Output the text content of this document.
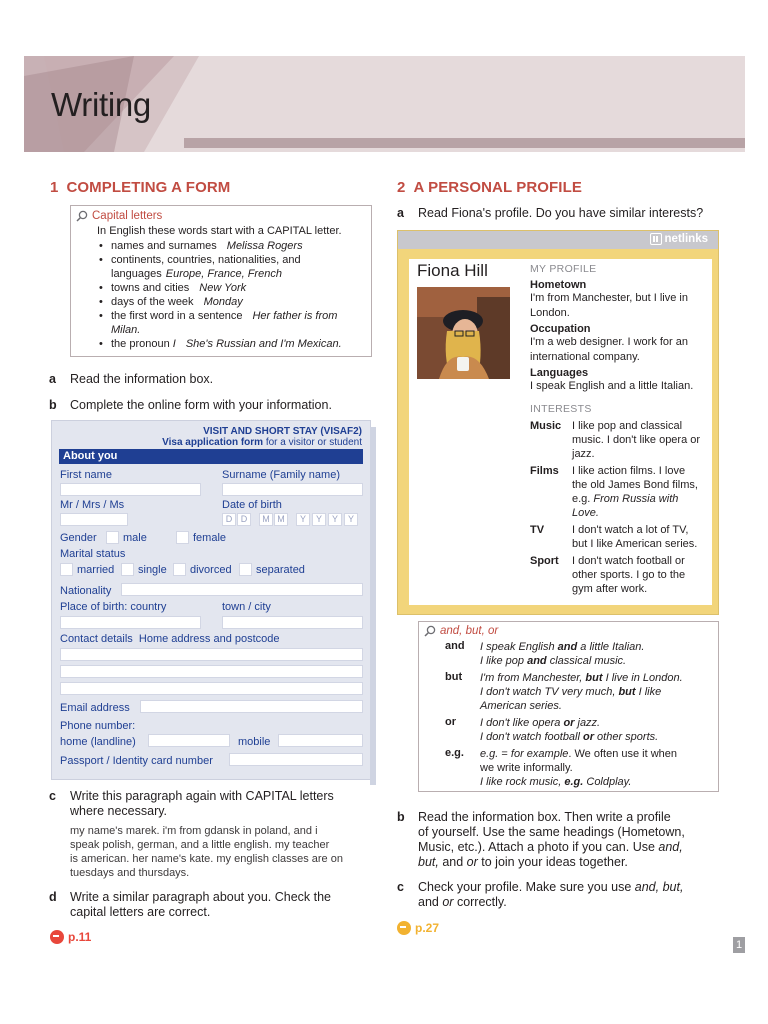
Writing
1 COMPLETING A FORM
Capital letters
In English these words start with a CAPITAL letter.
• names and surnames Melissa Rogers
• continents, countries, nationalities, and
languages Europe, France, French
• towns and cities New York
• days of the week Monday
• the first word in a sentence Her father is from
Milan.
• the pronoun I She's Russian and I'm Mexican.
a Read the information box.
b Complete the online form with your information.
VISIT AND SHORT STAY (VISAF2)
Visa application form for a visitor or student
About you
First name	Surname (Family name)
Mr / Mrs / Ms	Date of birth
D D	M M	Y	Y	Y	Y
Gender male	female
Marital status
married single divorced separated
Nationality
Place of birth: country	town / city
Contact details Home address and postcode
Email address
Phone number:
home (landline)	mobile
Passport / Identity card number
c Write this paragraph again with CAPITAL letters
where necessary.
my name's marek. i'm from gdansk in poland, and i
speak polish, german, and a little english. my teacher
is american. her name's kate. my english classes are on
tuesdays and thursdays.
d Write a similar paragraph about you. Check the
capital letters are correct.
p.11
2 A PERSONAL PROFILE
a Read Fiona's profile. Do you have similar interests?
netlinks
Fiona Hill	MY PROFILE
Hometown
I'm from Manchester, but I live in
London.
Occupation
I'm a web designer. I work for an
international company.
Languages
I speak English and a little Italian.
INTERESTS
Music	I like pop and classical
music. I don't like opera or
jazz.

Films	I like action films. I love
the old James Bond films,
e.g. From Russia with Love.

TV	I don't watch a lot of TV,
but I like American series.

Sport	I don't watch football or
other sports. I go to the
gym after work.
and, but, or
and I speak English and a little Italian.
I like pop and classical music.
but I'm from Manchester, but I live in London.
I don't watch TV very much, but I like
American series.
or I don't like opera or jazz.
I don't watch football or other sports.
e.g. e.g. = for example. We often use it when
we write informally.
I like rock music, e.g. Coldplay.
b Read the information box. Then write a profile
of yourself. Use the same headings (Hometown,
Music, etc.). Attach a photo if you can. Use and,
but, and or to join your ideas together.
c Check your profile. Make sure you use and, but,
and or correctly.
p.27
1
